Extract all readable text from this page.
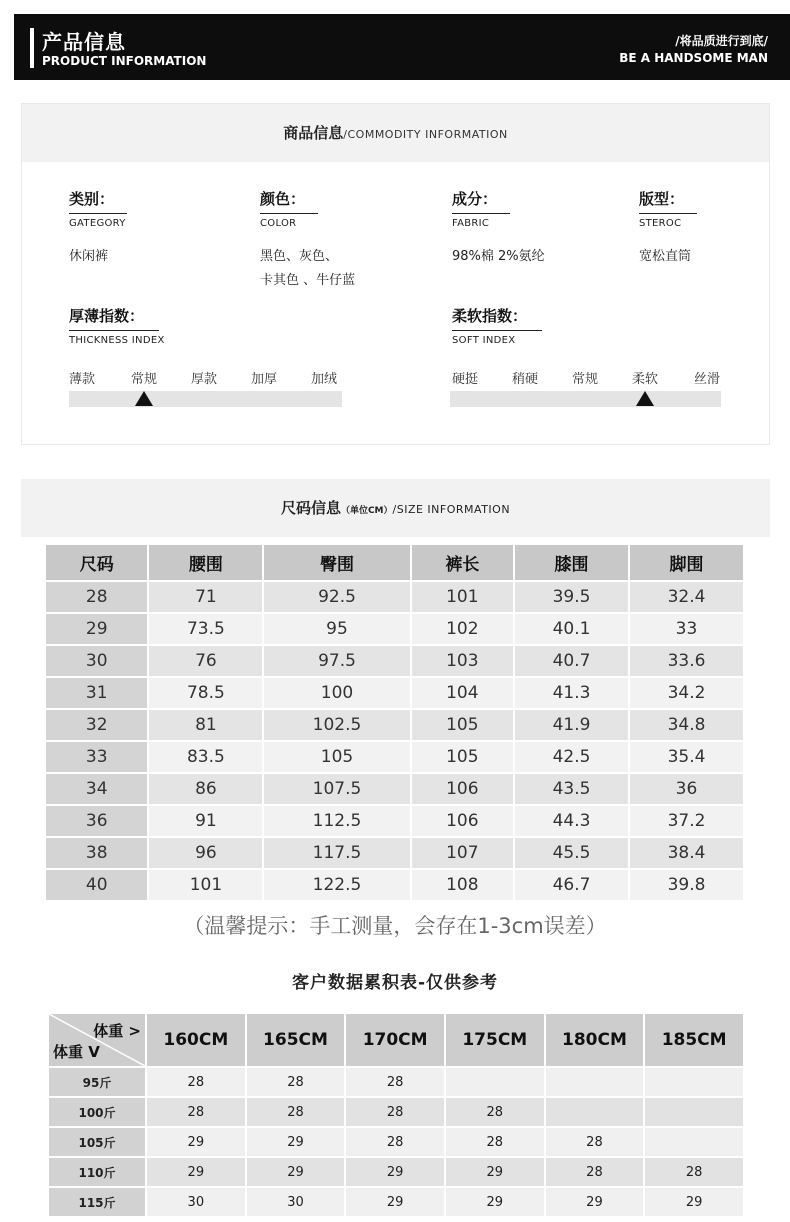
产品信息
PRODUCT INFORMATION
/将品质进行到底/
BE A HANDSOME MAN
商品信息/COMMODITY INFORMATION
类别：
GATEGORY
休闲裤
颜色：
COLOR
黑色、灰色、
卡其色 、牛仔蓝
成分：
FABRIC
98%棉 2%氨纶
版型：
STEROC
宽松直筒
厚薄指数：
THICKNESS INDEX
柔软指数：
SOFT INDEX
薄款	常规	厚款	加厚	加绒	硬挺	稍硬	常规	柔软	丝滑
尺码信息（单位CM）/SIZE INFORMATION
尺码	腰围	臀围	裤长	膝围	脚围
28	71	92.5	101	39.5	32.4
29	73.5	95	102	40.1	33
30	76	97.5	103	40.7	33.6
31	78.5	100	104	41.3	34.2
32	81	102.5	105	41.9	34.8
33	83.5	105	105	42.5	35.4
34	86	107.5	106	43.5	36
36	91	112.5	106	44.3	37.2
38	96	117.5	107	45.5	38.4
40	101	122.5	108	46.7	39.8
（温馨提示：手工测量，会存在1-3cm误差）
客户数据累积表-仅供参考
体重 >
体重 V	160CM	165CM	170CM	175CM	180CM	185CM
95斤	28	28	28			
100斤	28	28	28	28		
105斤	29	29	28	28	28	
110斤	29	29	29	29	28	28
115斤	30	30	29	29	29	29
